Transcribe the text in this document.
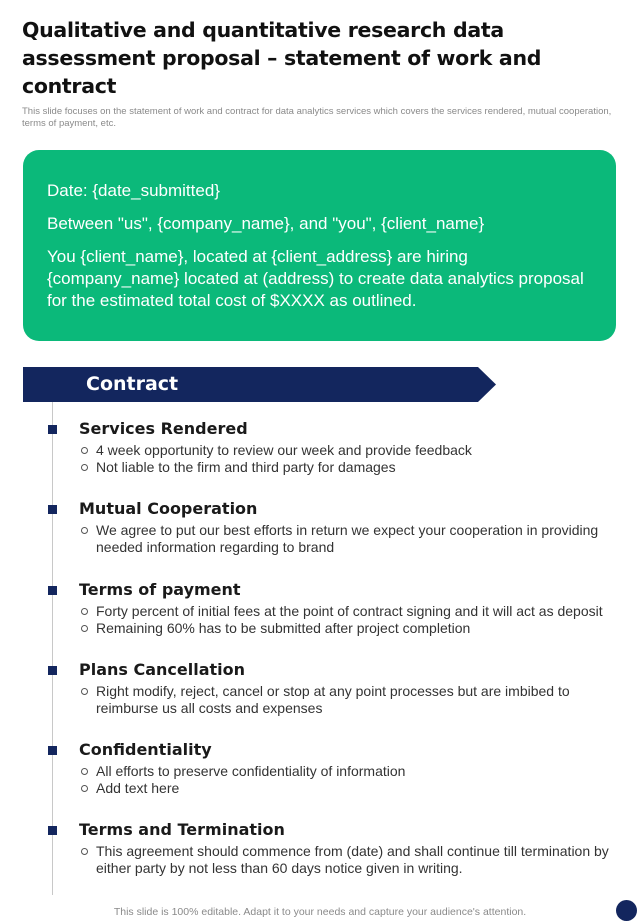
Qualitative and quantitative research data assessment proposal – statement of work and contract
This slide focuses on the statement of work and contract for data analytics services which covers the services rendered, mutual cooperation, terms of payment, etc.
Date: {date_submitted}
Between "us", {company_name}, and "you", {client_name}
You {client_name}, located at {client_address} are hiring {company_name} located at (address) to create data analytics proposal for the estimated total cost of $XXXX as outlined.
Contract
Services Rendered
4 week opportunity to review our week and provide feedback
Not liable to the firm and third party for damages
Mutual Cooperation
We agree to put our best efforts in return we expect your cooperation in providing needed information regarding to brand
Terms of payment
Forty percent of initial fees at the point of contract signing and it will act as deposit
Remaining 60% has to be submitted after project completion
Plans Cancellation
Right modify, reject, cancel or stop at any point processes but are imbibed to reimburse us all costs and expenses
Confidentiality
All efforts to preserve confidentiality of information
Add text here
Terms and Termination
This agreement should commence from (date) and shall continue till termination by either party by not less than 60 days notice given in writing.
This slide is 100% editable. Adapt it to your needs and capture your audience's attention.
